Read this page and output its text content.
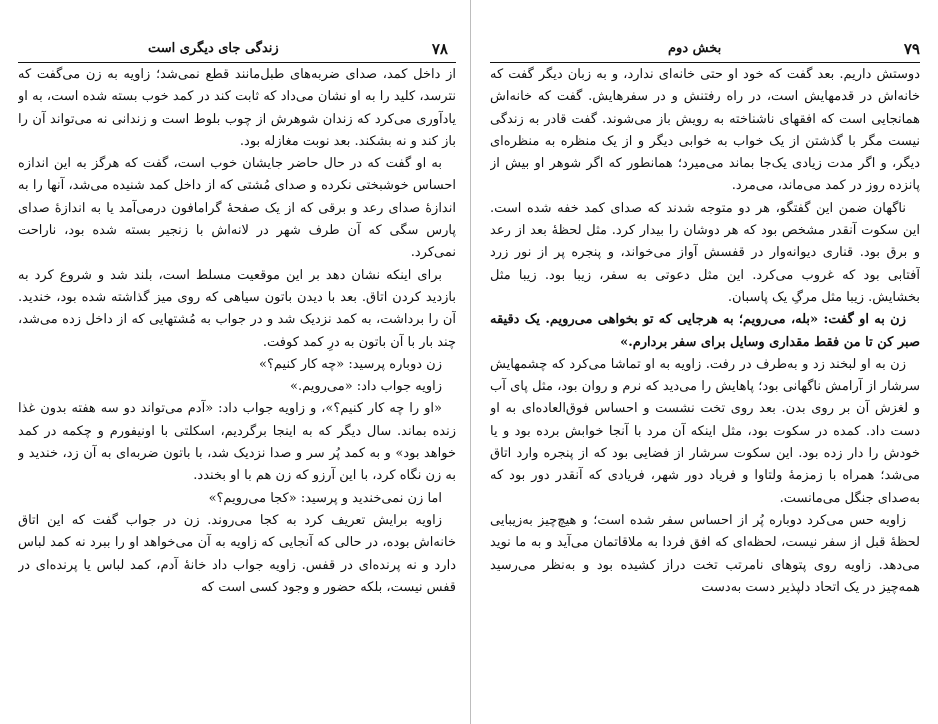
۷۸
زندگی جای دیگری است

از داخل کمد، صدای ضربه‌های طبل‌مانند قطع نمی‌شد؛ زاویه به زن می‌گفت که نترسد، کلید را به او نشان می‌داد که ثابت کند در کمد خوب بسته شده است، به او یادآوری می‌کرد که زندان شوهرش از چوب بلوط است و زندانی نه می‌تواند آن را باز کند و نه بشکند. بعد نوبت مغازله بود.

به او گفت که در حال حاضر جایشان خوب است، گفت که هرگز به این اندازه احساس خوشبختی نکرده و صدای مُشتی که از داخل کمد شنیده می‌شد، آنها را به اندازهٔ صدای رعد و برقی که از یک صفحهٔ گرامافون درمی‌آمد یا به اندازهٔ صدای پارس سگی که آن طرف شهر در لانه‌اش با زنجیر بسته شده بود، ناراحت نمی‌کرد.

برای اینکه نشان دهد بر این موقعیت مسلط است، بلند شد و شروع کرد به بازدید کردن اتاق. بعد با دیدن باتون سیاهی که روی میز گذاشته شده بود، خندید. آن را برداشت، به کمد نزدیک شد و در جواب به مُشتهایی که از داخل زده می‌شد، چند بار با آن باتون به درِ کمد کوفت.

زن دوباره پرسید: «چه کار کنیم؟»

زاویه جواب داد: «می‌رویم.»

«او را چه کار کنیم؟»، و زاویه جواب داد: «آدم می‌تواند دو سه هفته بدون غذا زنده بماند. سال دیگر که به اینجا برگردیم، اسکلتی با اونیفورم و چکمه در کمد خواهد بود» و به کمد پُر سر و صدا نزدیک شد، با باتون ضربه‌ای به آن زد، خندید و به زن نگاه کرد، با این آرزو که زن هم با او بخندد.

اما زن نمی‌خندید و پرسید: «کجا می‌رویم؟»

زاویه برایش تعریف کرد به کجا می‌روند. زن در جواب گفت که این اتاق خانه‌اش بوده، در حالی که آنجایی که زاویه به آن می‌خواهد او را ببرد نه کمد لباس دارد و نه پرنده‌ای در قفس. زاویه جواب داد خانهٔ آدم، کمد لباس یا پرنده‌ای در قفس نیست، بلکه حضور و وجود کسی است که

۷۹
بخش دوم

دوستش داریم. بعد گفت که خود او حتی خانه‌ای ندارد، و به زبان دیگر گفت که خانه‌اش در قدمهایش است، در راه رفتنش و در سفرهایش. گفت که خانه‌اش همانجایی است که افقهای ناشناخته به رویش باز می‌شوند. گفت قادر به زندگی نیست مگر با گذشتن از یک خواب به خوابی دیگر و از یک منظره به منظره‌ای دیگر، و اگر مدت زیادی یک‌جا بماند می‌میرد؛ همانطور که اگر شوهر او بیش از پانزده روز در کمد می‌ماند، می‌مرد.

ناگهان ضمن این گفتگو، هر دو متوجه شدند که صدای کمد خفه شده است. این سکوت آنقدر مشخص بود که هر دوشان را بیدار کرد. مثل لحظهٔ بعد از رعد و برق بود. قناری دیوانه‌وار در قفسش آواز می‌خواند، و پنجره پر از نور زرد آفتابی بود که غروب می‌کرد. این مثل دعوتی به سفر، زیبا بود. زیبا مثل بخشایش. زیبا مثل مرگِ یک پاسبان.

زن به او گفت: «بله، می‌رویم؛ به هرجایی که تو بخواهی می‌رویم. یک دقیقه صبر کن تا من فقط مقداری وسایل برای سفر بردارم.»

زن به او لبخند زد و به‌طرف در رفت. زاویه به او تماشا می‌کرد که چشمهایش سرشار از آرامش ناگهانی بود؛ پاهایش را می‌دید که نرم و روان بود، مثل پای آب و لغزش آن بر روی بدن. بعد روی تخت نشست و احساس فوق‌العاده‌ای به او دست داد. کمده در سکوت بود، مثل اینکه آن مرد با آنجا خوابش برده بود و یا خودش را دار زده بود. این سکوت سرشار از فضایی بود که از پنجره وارد اتاق می‌شد؛ همراه با زمزمهٔ ولتاوا و فریاد دور شهر، فریادی که آنقدر دور بود که به‌صدای جنگل می‌مانست.

زاویه حس می‌کرد دوباره پُر از احساس سفر شده است؛ و هیچ‌چیز به‌زیبایی لحظهٔ قبل از سفر نیست، لحظه‌ای که افق فردا به ملاقاتمان می‌آید و به ما نوید می‌دهد. زاویه روی پتوهای نامرتب تخت دراز کشیده بود و به‌نظر می‌رسید همه‌چیز در یک اتحاد دلپذیر دست به‌دست
